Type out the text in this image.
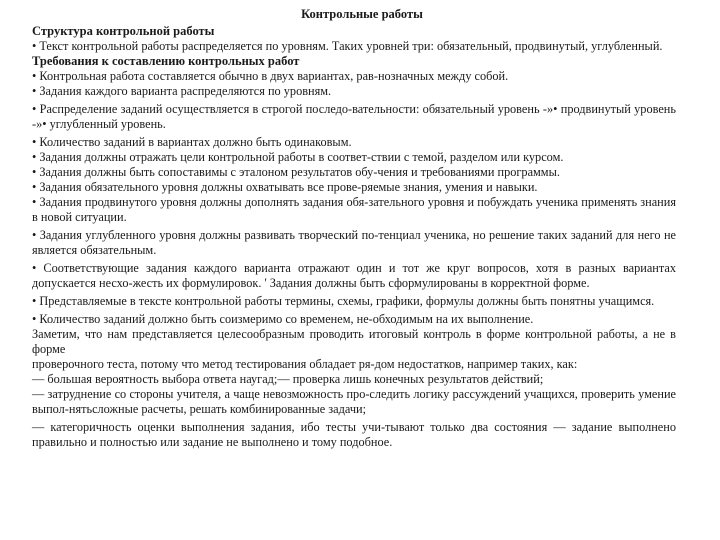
Контрольные работы
Структура контрольной работы
• Текст контрольной работы распределяется по уровням. Таких уровней три: обязательный, продвинутый, углубленный.
Требования к составлению контрольных работ
• Контрольная работа составляется обычно в двух вариантах, рав-нозначных между собой.
• Задания каждого варианта распределяются по уровням.
• Распределение заданий осуществляется в строгой последо-вательности: обязательный уровень -»• продвинутый уровень -»• углубленный уровень.
• Количество заданий в вариантах должно быть одинаковым.
• Задания должны отражать цели контрольной работы в соответ-ствии с темой, разделом или курсом.
• Задания должны быть сопоставимы с эталоном результатов обу-чения и требованиями программы.
• Задания обязательного уровня должны охватывать все прове-ряемые знания, умения и навыки.
• Задания продвинутого уровня должны дополнять задания обя-зательного уровня и побуждать ученика применять знания в новой ситуации.
• Задания углубленного уровня должны развивать творческий по-тенциал ученика, но решение таких заданий для него не является обязательным.
• Соответствующие задания каждого варианта отражают один и тот же круг вопросов, хотя в разных вариантах допускается несхо-жесть их формулировок. ' Задания должны быть сформулированы в корректной форме.
• Представляемые в тексте контрольной работы термины, схемы, графики, формулы должны быть понятны учащимся.
• Количество заданий должно быть соизмеримо со временем, не-обходимым на их выполнение.
Заметим, что нам представляется целесообразным проводить итоговый контроль в форме контрольной работы, а не в форме
проверочного теста, потому что метод тестирования обладает ря-дом недостатков, например таких, как:
— большая вероятность выбора ответа наугад;— проверка лишь конечных результатов действий;
— затруднение со стороны учителя, а чаще невозможность про-следить логику рассуждений учащихся, проверить умение выпол-нятьсложные расчеты, решать комбинированные задачи;
— категоричность оценки выполнения задания, ибо тесты учи-тывают только два состояния — задание выполнено правильно и полностью или задание не выполнено и тому подобное.
